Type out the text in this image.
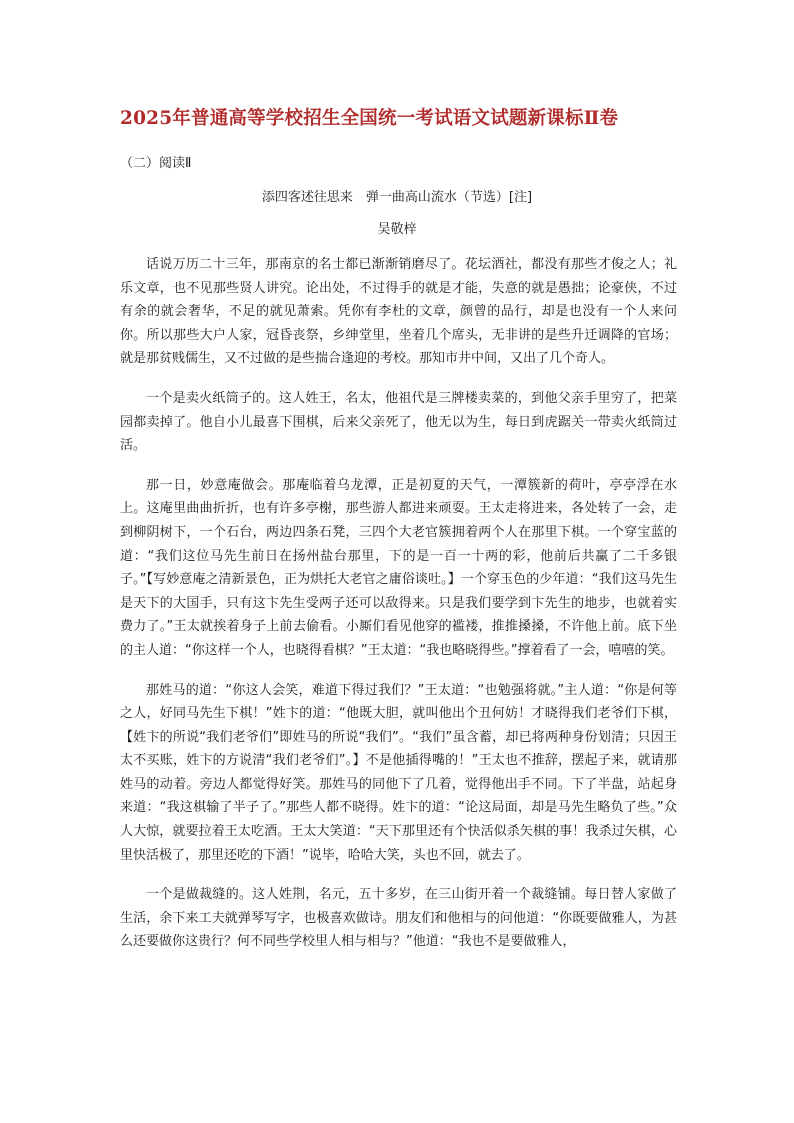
2025年普通高等学校招生全国统一考试语文试题新课标Ⅱ卷
（二）阅读Ⅱ
添四客述往思来　弹一曲高山流水（节选）[注]
吴敬梓

话说万历二十三年，那南京的名士都已渐渐销磨尽了。花坛酒社，都没有那些才俊之人；礼乐文章，也不见那些贤人讲究。论出处，不过得手的就是才能，失意的就是愚拙；论豪侠，不过有余的就会奢华，不足的就见萧索。凭你有李杜的文章，颜曾的品行，却是也没有一个人来问你。所以那些大户人家，冠昏丧祭，乡绅堂里，坐着几个席头，无非讲的是些升迁调降的官场；就是那贫贱儒生，又不过做的是些揣合逢迎的考校。那知市井中间，又出了几个奇人。

一个是卖火纸筒子的。这人姓王，名太，他祖代是三牌楼卖菜的，到他父亲手里穷了，把菜园都卖掉了。他自小儿最喜下围棋，后来父亲死了，他无以为生，每日到虎踞关一带卖火纸筒过活。

那一日，妙意庵做会。那庵临着乌龙潭，正是初夏的天气，一潭簇新的荷叶，亭亭浮在水上。这庵里曲曲折折，也有许多亭榭，那些游人都进来顽耍。王太走将进来，各处转了一会，走到柳阴树下，一个石台，两边四条石凳，三四个大老官簇拥着两个人在那里下棋。一个穿宝蓝的道：“我们这位马先生前日在扬州盐台那里，下的是一百一十两的彩，他前后共赢了二千多银子。”【写妙意庵之清新景色，正为烘托大老官之庸俗谈吐。】一个穿玉色的少年道：“我们这马先生是天下的大国手，只有这卞先生受两子还可以敌得来。只是我们要学到卞先生的地步，也就着实费力了。”王太就挨着身子上前去偷看。小厮们看见他穿的褴褛，推推搡搡，不许他上前。底下坐的主人道：“你这样一个人，也晓得看棋？”王太道：“我也略晓得些。”撑着看了一会，嘻嘻的笑。

那姓马的道：“你这人会笑，难道下得过我们？”王太道：“也勉强将就。”主人道：“你是何等之人，好同马先生下棋！”姓卞的道：“他既大胆，就叫他出个丑何妨！才晓得我们老爷们下棋，【姓卞的所说“我们老爷们”即姓马的所说“我们”。“我们”虽含蓄，却已将两种身份划清；只因王太不买账，姓卞的方说清“我们老爷们”。】不是他插得嘴的！”王太也不推辞，摆起子来，就请那姓马的动着。旁边人都觉得好笑。那姓马的同他下了几着，觉得他出手不同。下了半盘，站起身来道：“我这棋输了半子了。”那些人都不晓得。姓卞的道：“论这局面，却是马先生略负了些。”众人大惊，就要拉着王太吃酒。王太大笑道：“天下那里还有个快活似杀矢棋的事！我杀过矢棋，心里快活极了，那里还吃的下酒！”说毕，哈哈大笑，头也不回，就去了。

一个是做裁缝的。这人姓荆，名元，五十多岁，在三山街开着一个裁缝铺。每日替人家做了生活，余下来工夫就弹琴写字，也极喜欢做诗。朋友们和他相与的问他道：“你既要做雅人，为甚么还要做你这贵行？何不同些学校里人相与相与？”他道：“我也不是要做雅人，
